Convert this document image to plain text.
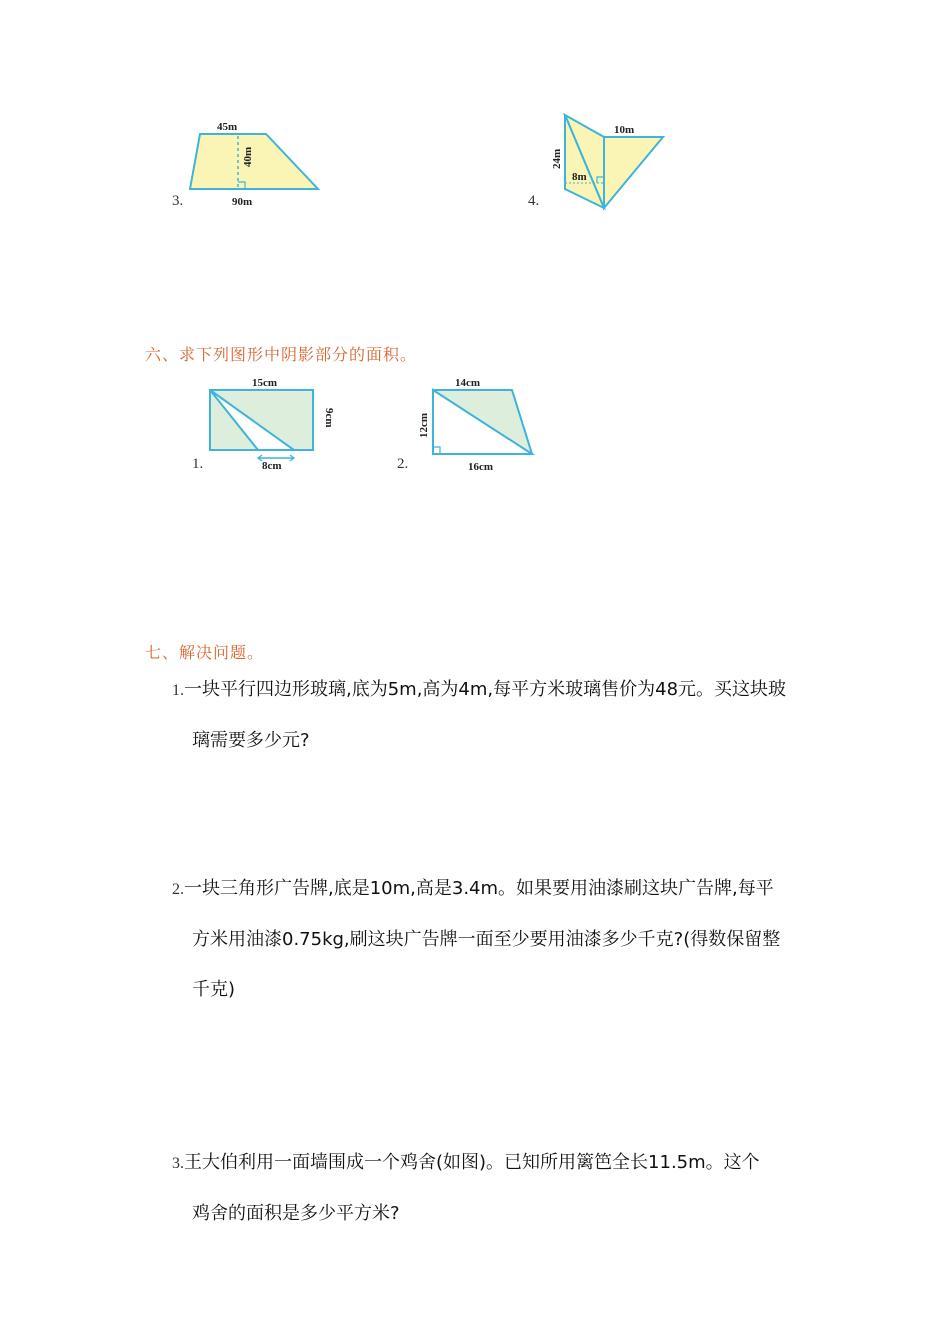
3.
45m
40m
90m	4.
24m
10m
8m
六、求下列图形中阴影部分的面积。
1.
15cm
9cm
8cm	2.
14cm
12cm
16cm
七、解决问题。
1.一块平行四边形玻璃,底为5m,高为4m,每平方米玻璃售价为48元。买这块玻
璃需要多少元?
2.一块三角形广告牌,底是10m,高是3.4m。如果要用油漆刷这块广告牌,每平
方米用油漆0.75kg,刷这块广告牌一面至少要用油漆多少千克?(得数保留整
千克)
3.王大伯利用一面墙围成一个鸡舍(如图)。已知所用篱笆全长11.5m。这个
鸡舍的面积是多少平方米?
